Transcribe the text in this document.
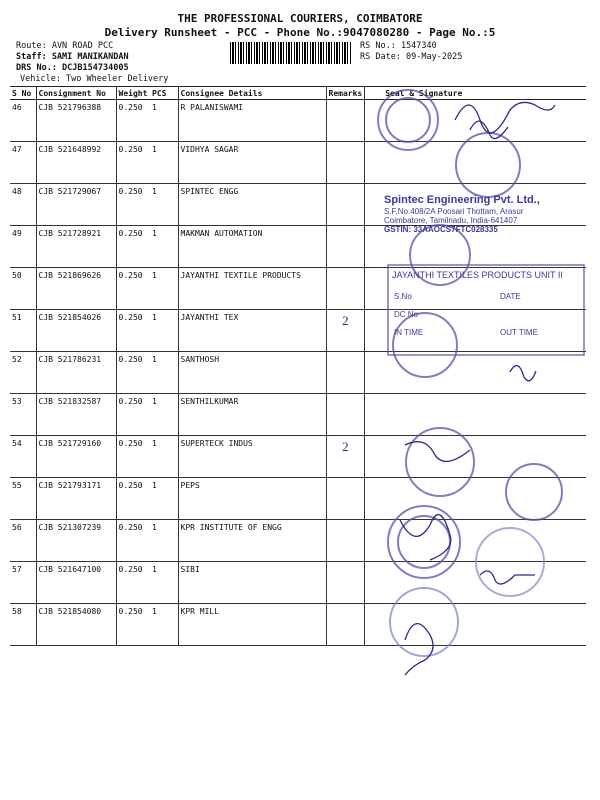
THE PROFESSIONAL COURIERS, COIMBATORE
Delivery Runsheet - PCC - Phone No.:9047080280 - Page No.:5
Route: AVN ROAD PCC
Staff: SAMI MANIKANDAN
DRS No.: DCJB154734005
Vehicle: Two Wheeler Delivery
RS No.: 1547340
RS Date: 09-May-2025
S No	Consignment No	Weight	PCS	Consignee Details	Remarks	Seal & Signature
46	CJB 521796388	0.250	1	R PALANISWAMI		
47	CJB 521648992	0.250	1	VIDHYA SAGAR		
48	CJB 521729067	0.250	1	SPINTEC ENGG		
49	CJB 521728921	0.250	1	MAKMAN AUTOMATION		
50	CJB 521869626	0.250	1	JAYANTHI TEXTILE PRODUCTS		
51	CJB 521854026	0.250	1	JAYANTHI TEX	2	
52	CJB 521786231	0.250	1	SANTHOSH		
53	CJB 521832587	0.250	1	SENTHILKUMAR		
54	CJB 521729160	0.250	1	SUPERTECK INDUS	2	
55	CJB 521793171	0.250	1	PEPS		
56	CJB 521307239	0.250	1	KPR INSTITUTE OF ENGG		
57	CJB 521647100	0.250	1	SIBI		
58	CJB 521854080	0.250	1	KPR MILL		
Spintec Engineering Pvt. Ltd.,
S.F.No.408/2A Poosari Thottam, Arasur
Coimbatore, Tamilnadu, India-641407
GSTIN: 33AAOCS7FTC028335
JAYANTHI TEXTILES PRODUCTS UNIT II
S.No	DATE
DC No
IN TIME	OUT TIME
